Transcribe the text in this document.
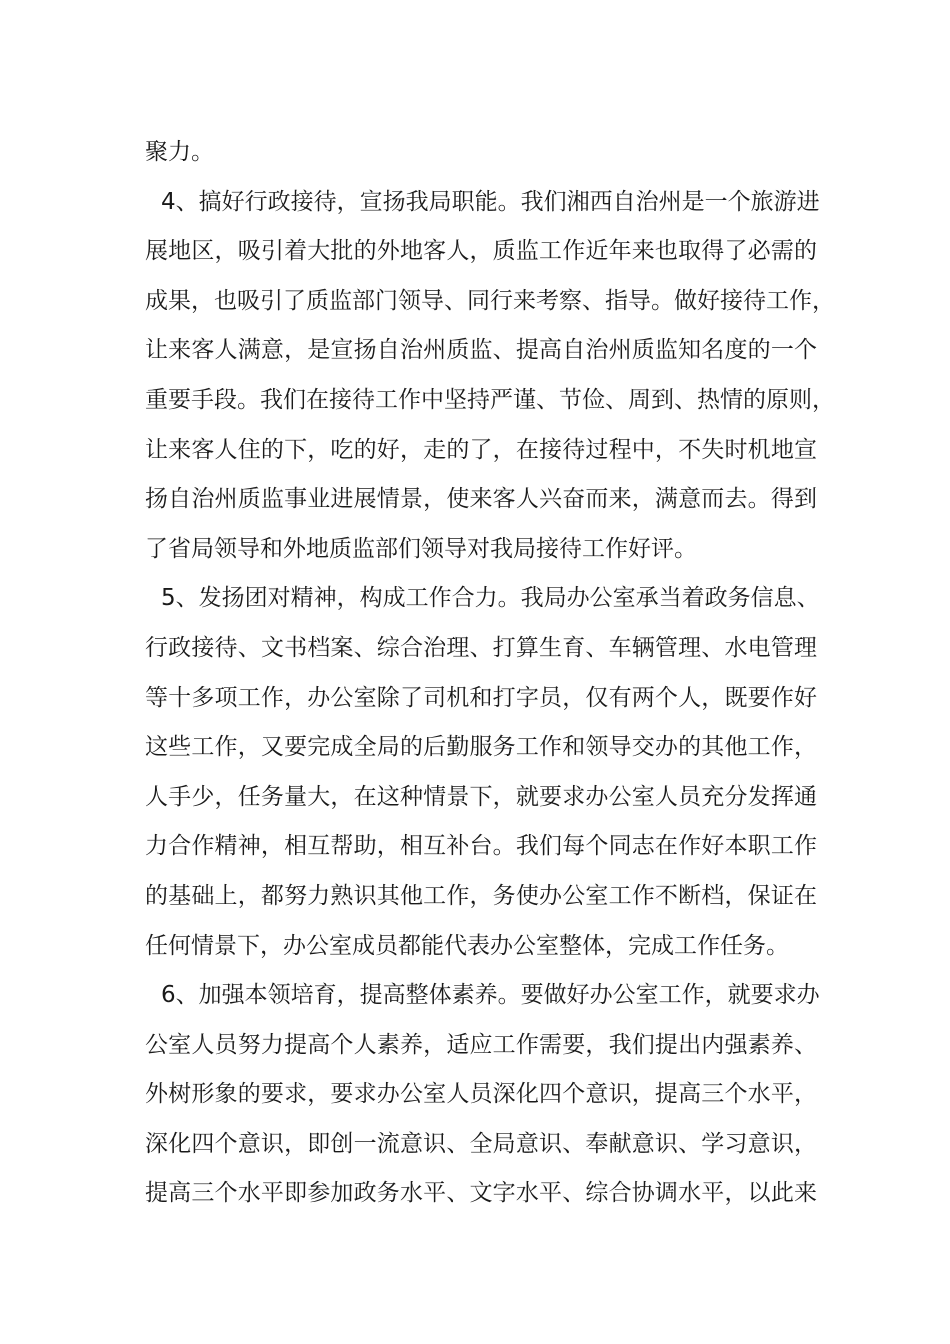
聚力。
4、搞好行政接待，宣扬我局职能。我们湘西自治州是一个旅游进
展地区，吸引着大批的外地客人，质监工作近年来也取得了必需的
成果，也吸引了质监部门领导、同行来考察、指导。做好接待工作，
让来客人满意，是宣扬自治州质监、提高自治州质监知名度的一个
重要手段。我们在接待工作中坚持严谨、节俭、周到、热情的原则，
让来客人住的下，吃的好，走的了，在接待过程中，不失时机地宣
扬自治州质监事业进展情景，使来客人兴奋而来，满意而去。得到
了省局领导和外地质监部们领导对我局接待工作好评。
5、发扬团对精神，构成工作合力。我局办公室承当着政务信息、
行政接待、文书档案、综合治理、打算生育、车辆管理、水电管理
等十多项工作，办公室除了司机和打字员，仅有两个人，既要作好
这些工作，又要完成全局的后勤服务工作和领导交办的其他工作，
人手少，任务量大，在这种情景下，就要求办公室人员充分发挥通
力合作精神，相互帮助，相互补台。我们每个同志在作好本职工作
的基础上，都努力熟识其他工作，务使办公室工作不断档，保证在
任何情景下，办公室成员都能代表办公室整体，完成工作任务。
6、加强本领培育，提高整体素养。要做好办公室工作，就要求办
公室人员努力提高个人素养，适应工作需要，我们提出内强素养、
外树形象的要求，要求办公室人员深化四个意识，提高三个水平，
深化四个意识，即创一流意识、全局意识、奉献意识、学习意识，
提高三个水平即参加政务水平、文字水平、综合协调水平，以此来
